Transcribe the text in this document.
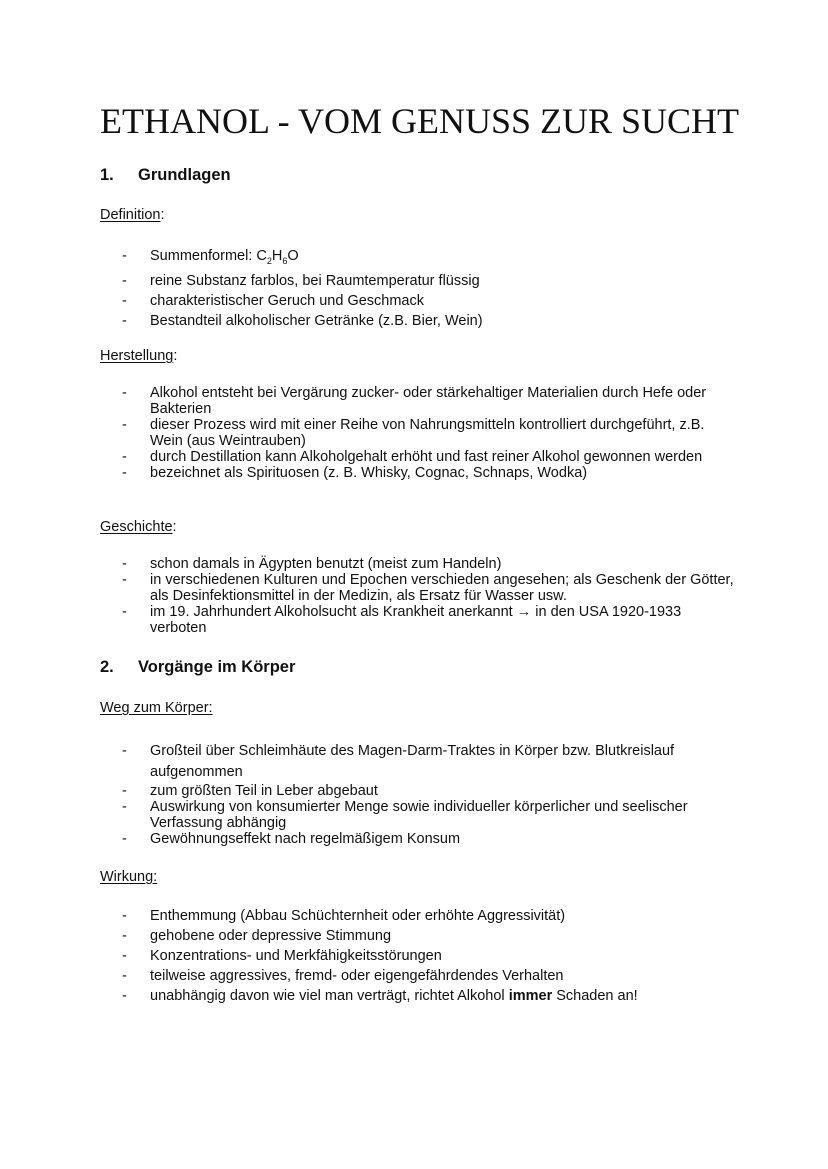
ETHANOL - VOM GENUSS ZUR SUCHT
1. Grundlagen

Definition:

- Summenformel: $C_2H_6O$
- reine Substanz farblos, bei Raumtemperatur flüssig
- charakteristischer Geruch und Geschmack
- Bestandteil alkoholischer Getränke (z.B. Bier, Wein)

Herstellung:

- Alkohol entsteht bei Vergärung zucker- oder stärkehaltiger Materialien durch Hefe oder Bakterien
- dieser Prozess wird mit einer Reihe von Nahrungsmitteln kontrolliert durchgeführt, z.B. Wein (aus Weintrauben)
- durch Destillation kann Alkoholgehalt erhöht und fast reiner Alkohol gewonnen werden
- bezeichnet als Spirituosen (z. B. Whisky, Cognac, Schnaps, Wodka)

Geschichte:

- schon damals in Ägypten benutzt (meist zum Handeln)
- in verschiedenen Kulturen und Epochen verschieden angesehen; als Geschenk der Götter, als Desinfektionsmittel in der Medizin, als Ersatz für Wasser usw.
- im 19. Jahrhundert Alkoholsucht als Krankheit anerkannt → in den USA 1920-1933 verboten
2. Vorgänge im Körper

Weg zum Körper:

- Großteil über Schleimhäute des Magen-Darm-Traktes in Körper bzw. Blutkreislauf aufgenommen
- zum größten Teil in Leber abgebaut
- Auswirkung von konsumierter Menge sowie individueller körperlicher und seelischer Verfassung abhängig
- Gewöhnungseffekt nach regelmäßigem Konsum

Wirkung:

- Enthemmung (Abbau Schüchternheit oder erhöhte Aggressivität)
- gehobene oder depressive Stimmung
- Konzentrations- und Merkfähigkeitsstörungen
- teilweise aggressives, fremd- oder eigengefährdendes Verhalten
- unabhängig davon wie viel man verträgt, richtet Alkohol immer Schaden an!
